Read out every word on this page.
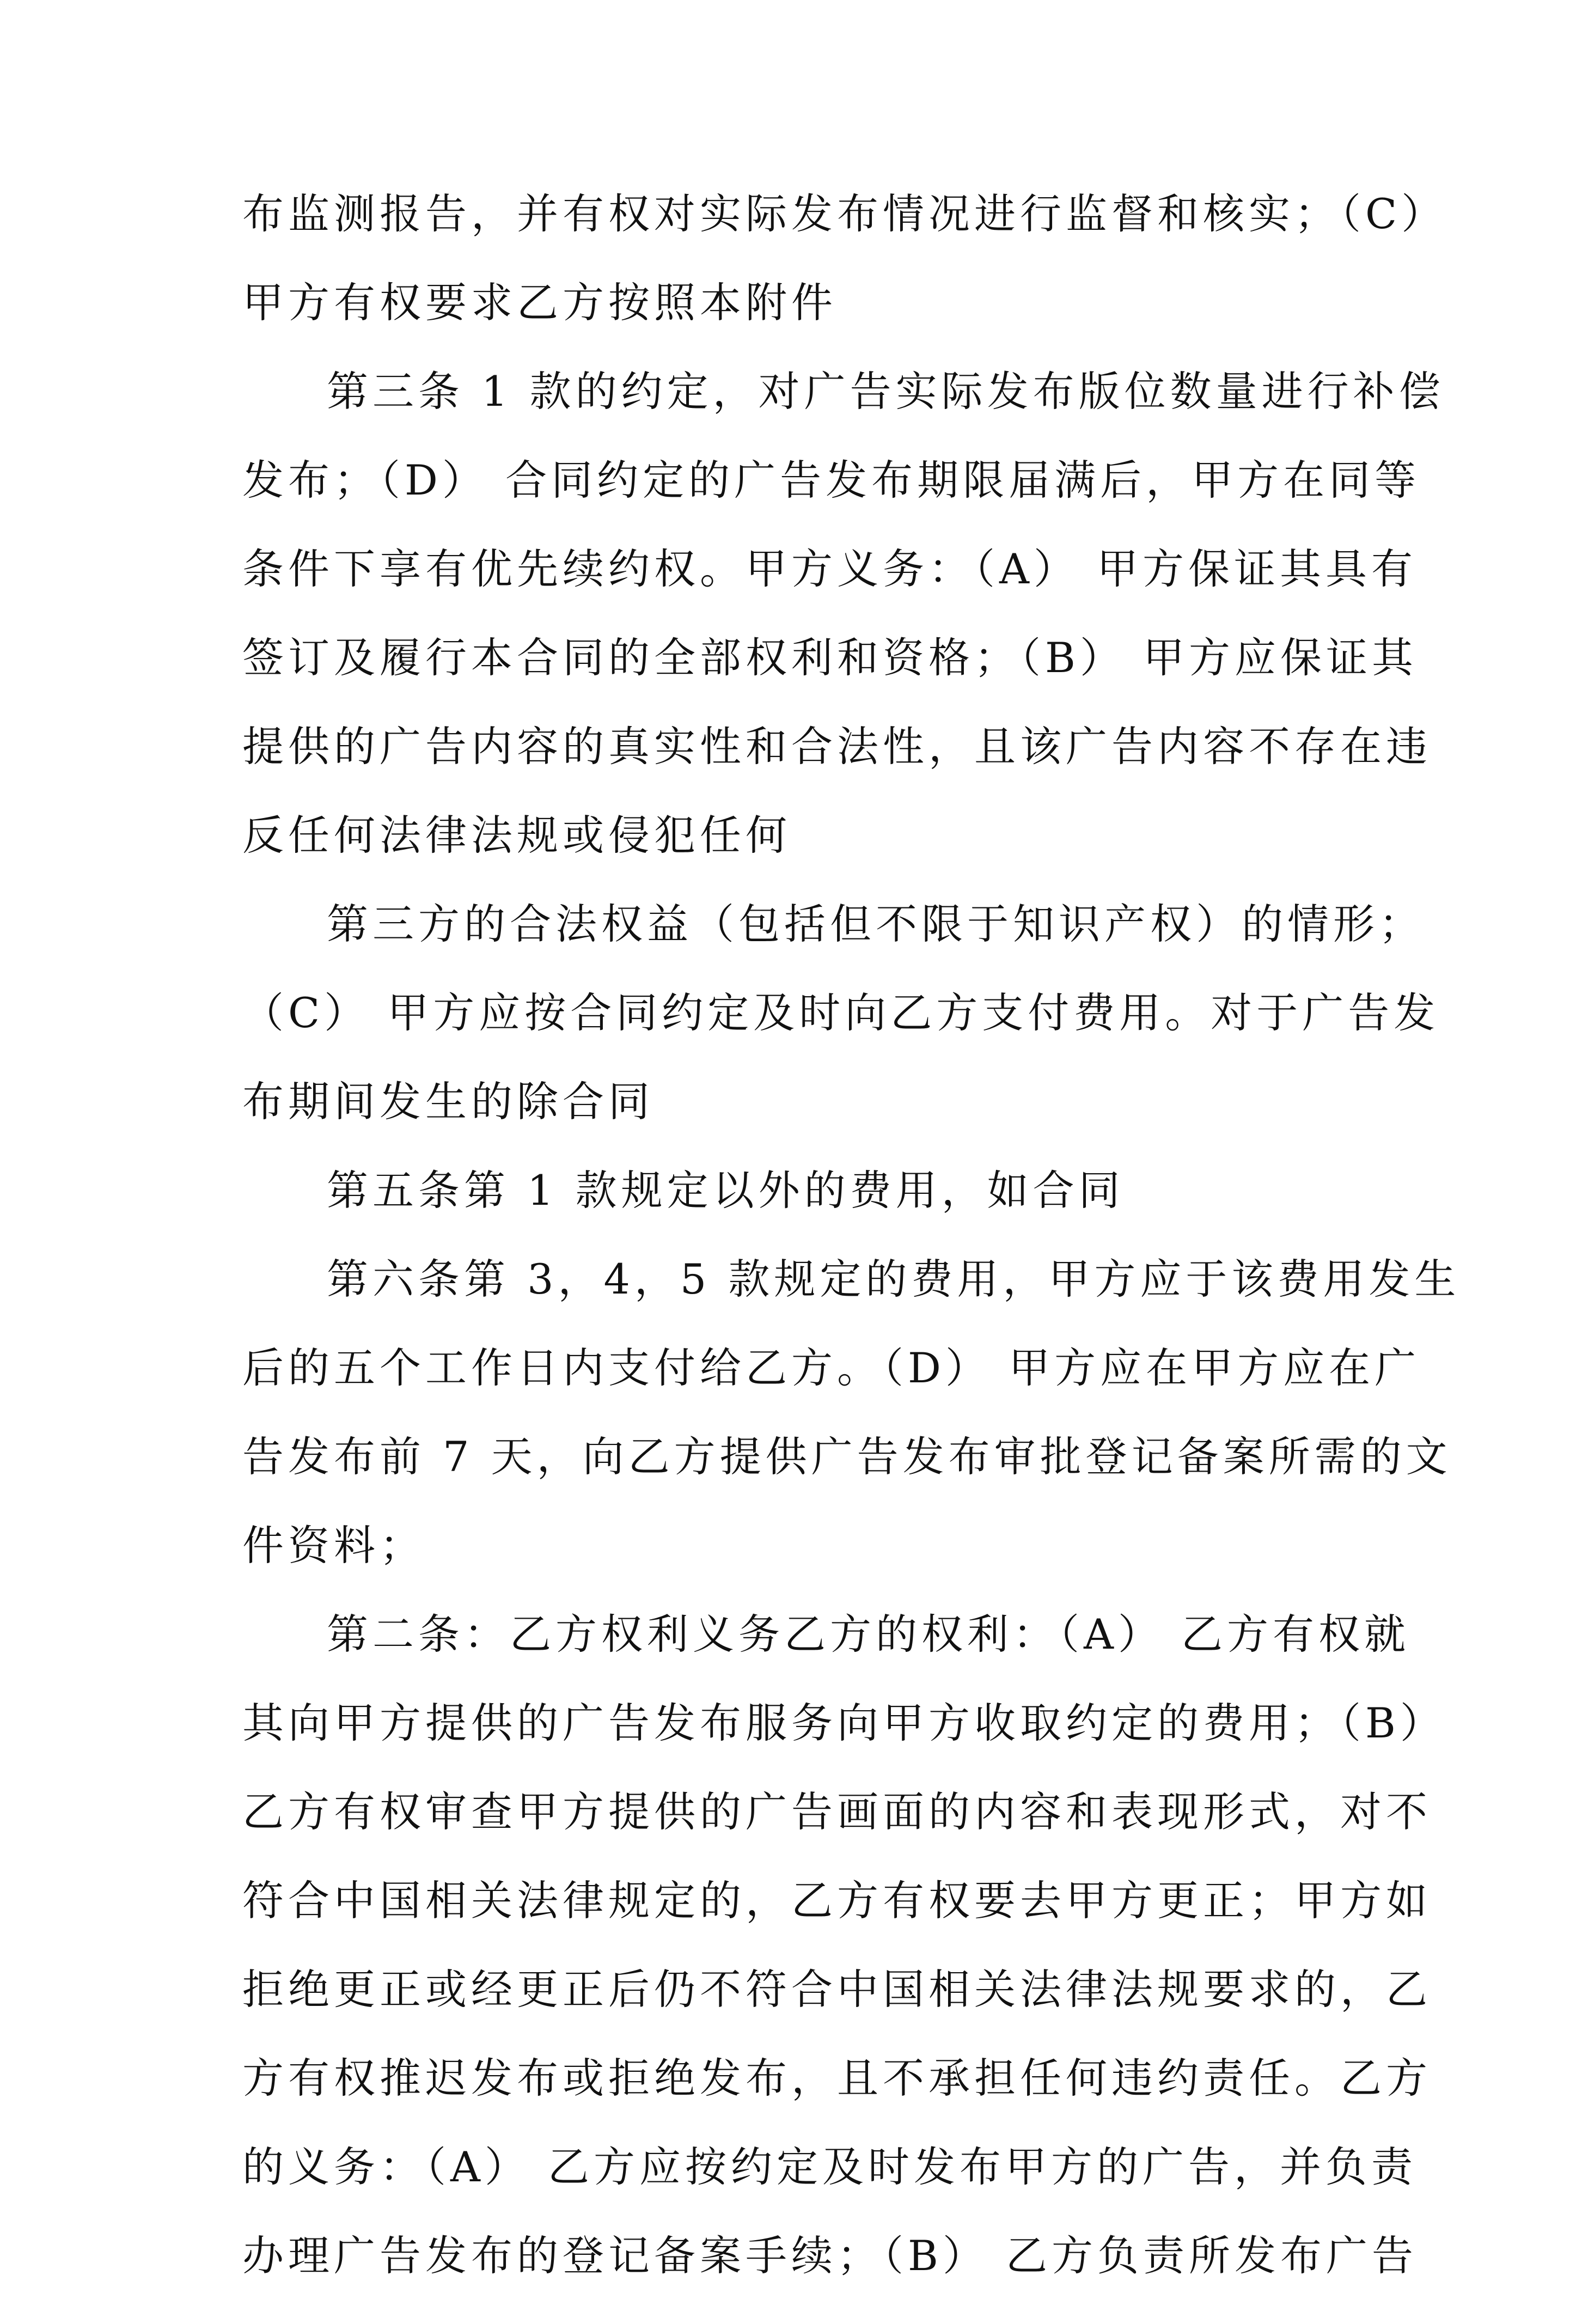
布监测报告，并有权对实际发布情况进行监督和核实；（C）
甲方有权要求乙方按照本附件
第三条 1 款的约定，对广告实际发布版位数量进行补偿
发布；（D） 合同约定的广告发布期限届满后，甲方在同等
条件下享有优先续约权。甲方义务：（A） 甲方保证其具有
签订及履行本合同的全部权利和资格；（B） 甲方应保证其
提供的广告内容的真实性和合法性，且该广告内容不存在违
反任何法律法规或侵犯任何
第三方的合法权益（包括但不限于知识产权）的情形；
（C） 甲方应按合同约定及时向乙方支付费用。对于广告发
布期间发生的除合同
第五条第 1 款规定以外的费用，如合同
第六条第 3，4，5 款规定的费用，甲方应于该费用发生
后的五个工作日内支付给乙方。（D） 甲方应在甲方应在广
告发布前 7 天，向乙方提供广告发布审批登记备案所需的文
件资料；
第二条：乙方权利义务乙方的权利：（A） 乙方有权就
其向甲方提供的广告发布服务向甲方收取约定的费用；（B）
乙方有权审查甲方提供的广告画面的内容和表现形式，对不
符合中国相关法律规定的，乙方有权要去甲方更正；甲方如
拒绝更正或经更正后仍不符合中国相关法律法规要求的，乙
方有权推迟发布或拒绝发布，且不承担任何违约责任。乙方
的义务：（A） 乙方应按约定及时发布甲方的广告，并负责
办理广告发布的登记备案手续；（B） 乙方负责所发布广告
